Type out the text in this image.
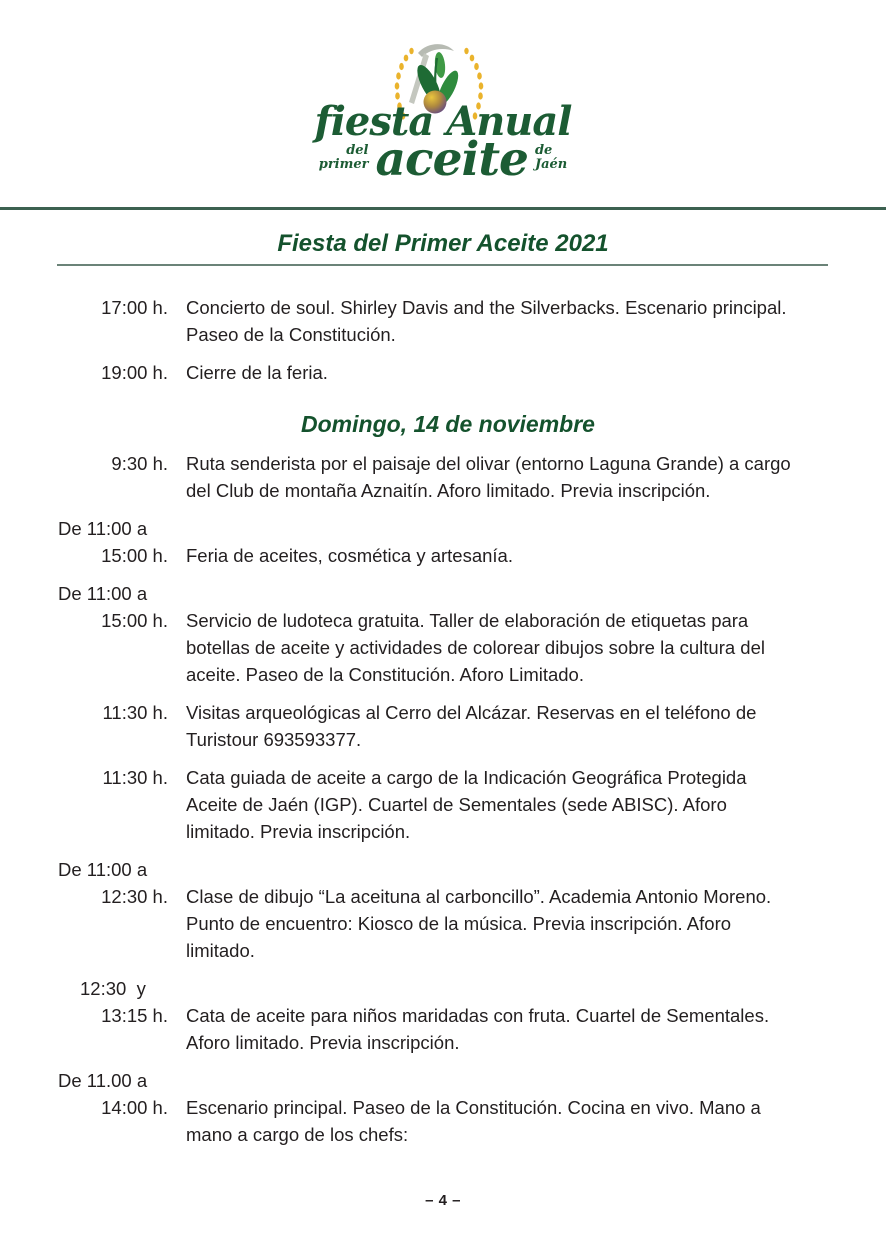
fiesta Anual
del
primer aceite de
Jaén
Fiesta del Primer Aceite 2021
17:00 h. Concierto de soul. Shirley Davis and the Silverbacks. Escenario principal.
Paseo de la Constitución.
19:00 h. Cierre de la feria.
Domingo, 14 de noviembre
9:30 h. Ruta senderista por el paisaje del olivar (entorno Laguna Grande) a cargo
del Club de montaña Aznaitín. Aforo limitado. Previa inscripción.
De 11:00 a
15:00 h. Feria de aceites, cosmética y artesanía.
De 11:00 a
15:00 h. Servicio de ludoteca gratuita. Taller de elaboración de etiquetas para
botellas de aceite y actividades de colorear dibujos sobre la cultura del
aceite. Paseo de la Constitución. Aforo Limitado.
11:30 h. Visitas arqueológicas al Cerro del Alcázar. Reservas en el teléfono de
Turistour 693593377.
11:30 h. Cata guiada de aceite a cargo de la Indicación Geográfica Protegida
Aceite de Jaén (IGP). Cuartel de Sementales (sede ABISC). Aforo
limitado. Previa inscripción.
De 11:00 a
12:30 h. Clase de dibujo “La aceituna al carboncillo”. Academia Antonio Moreno.
Punto de encuentro: Kiosco de la música. Previa inscripción. Aforo
limitado.
12:30  y
13:15 h. Cata de aceite para niños maridadas con fruta. Cuartel de Sementales.
Aforo limitado. Previa inscripción.
De 11.00 a
14:00 h. Escenario principal. Paseo de la Constitución. Cocina en vivo. Mano a
mano a cargo de los chefs:
– 4 –
